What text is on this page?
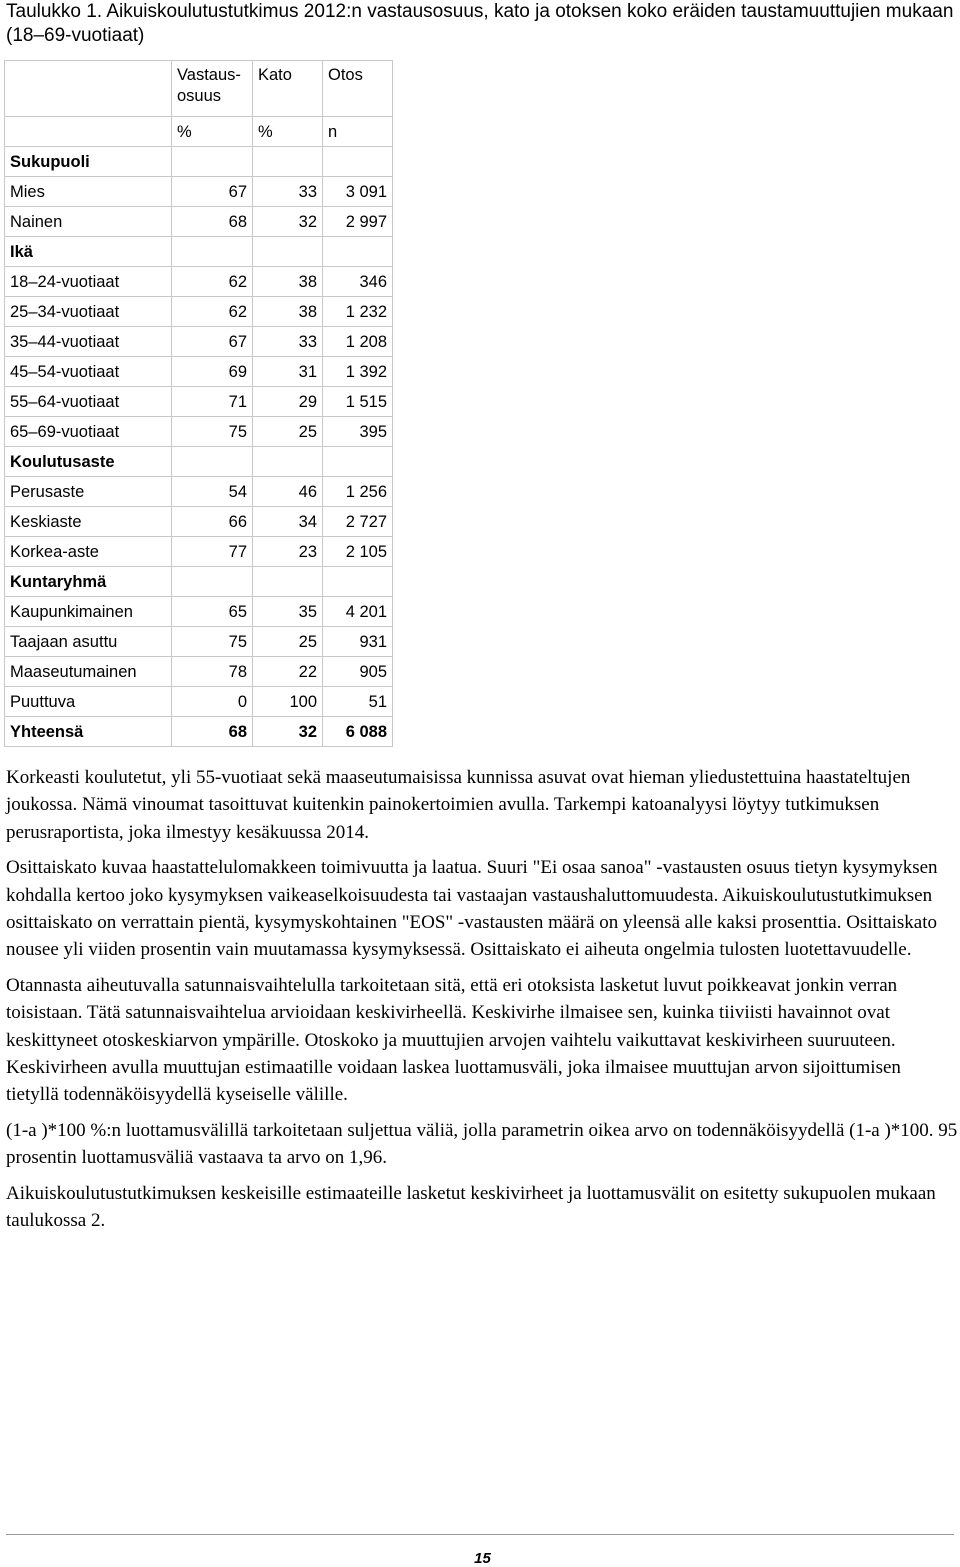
Taulukko 1. Aikuiskoulutustutkimus 2012:n vastausosuus, kato ja otoksen koko eräiden taustamuuttujien mukaan (18–69-vuotiaat)
	Vastaus- osuus	Kato	Otos
	%	%	n
Sukupuoli			
Mies	67	33	3 091
Nainen	68	32	2 997
Ikä			
18–24-vuotiaat	62	38	346
25–34-vuotiaat	62	38	1 232
35–44-vuotiaat	67	33	1 208
45–54-vuotiaat	69	31	1 392
55–64-vuotiaat	71	29	1 515
65–69-vuotiaat	75	25	395
Koulutusaste			
Perusaste	54	46	1 256
Keskiaste	66	34	2 727
Korkea-aste	77	23	2 105
Kuntaryhmä			
Kaupunkimainen	65	35	4 201
Taajaan asuttu	75	25	931
Maaseutumainen	78	22	905
Puuttuva	0	100	51
Yhteensä	68	32	6 088

Korkeasti koulutetut, yli 55-vuotiaat sekä maaseutumaisissa kunnissa asuvat ovat hieman yliedustettuina haastateltujen joukossa. Nämä vinoumat tasoittuvat kuitenkin painokertoimien avulla. Tarkempi katoanalyysi löytyy tutkimuksen perusraportista, joka ilmestyy kesäkuussa 2014.

Osittaiskato kuvaa haastattelulomakkeen toimivuutta ja laatua. Suuri "Ei osaa sanoa" -vastausten osuus tietyn kysymyksen kohdalla kertoo joko kysymyksen vaikeaselkoisuudesta tai vastaajan vastaushaluttomuudesta. Aikuiskoulutustutkimuksen osittaiskato on verrattain pientä, kysymyskohtainen "EOS" -vastausten määrä on yleensä alle kaksi prosenttia. Osittaiskato nousee yli viiden prosentin vain muutamassa kysymyksessä. Osittaiskato ei aiheuta ongelmia tulosten luotettavuudelle.

Otannasta aiheutuvalla satunnaisvaihtelulla tarkoitetaan sitä, että eri otoksista lasketut luvut poikkeavat jonkin verran toisistaan. Tätä satunnaisvaihtelua arvioidaan keskivirheellä. Keskivirhe ilmaisee sen, kuinka tiiviisti havainnot ovat keskittyneet otoskeskiarvon ympärille. Otoskoko ja muuttujien arvojen vaihtelu vaikuttavat keskivirheen suuruuteen. Keskivirheen avulla muuttujan estimaatille voidaan laskea luottamusväli, joka ilmaisee muuttujan arvon sijoittumisen tietyllä todennäköisyydellä kyseiselle välille.

(1-a )*100 %:n luottamusvälillä tarkoitetaan suljettua väliä, jolla parametrin oikea arvo on todennäköisyydellä (1-a )*100. 95 prosentin luottamusväliä vastaava ta arvo on 1,96.

Aikuiskoulutustutkimuksen keskeisille estimaateille lasketut keskivirheet ja luottamusvälit on esitetty sukupuolen mukaan taulukossa 2.

15
